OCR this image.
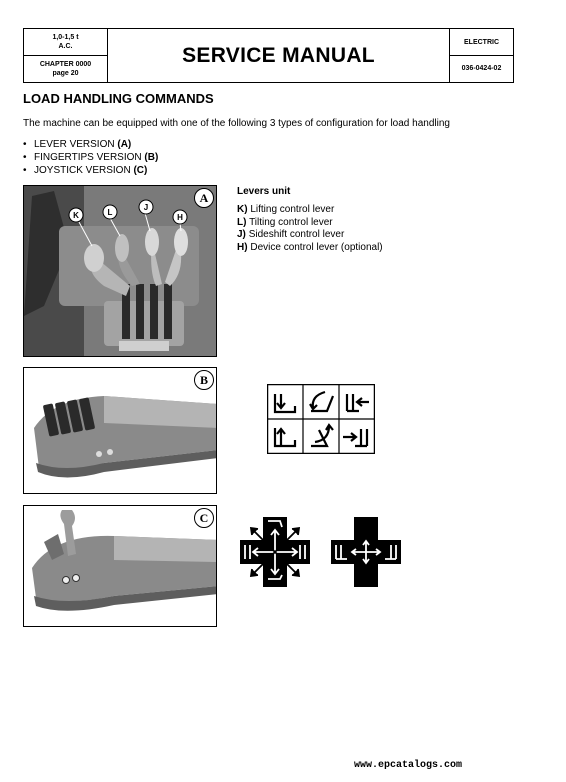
1,0-1,5 t
A.C.
CHAPTER 0000
page 20
SERVICE MANUAL
ELECTRIC
036-0424-02
LOAD HANDLING COMMANDS
The machine can be equipped with one of the following 3 types of configuration for load handling
• LEVER VERSION (A)
• FINGERTIPS VERSION (B)
• JOYSTICK VERSION (C)
K	L
J
H
A	Levers unit
K) Lifting control lever
L) Tilting control lever
J) Sideshift control lever
H) Device control lever (optional)
B
C
www.epcatalogs.com
